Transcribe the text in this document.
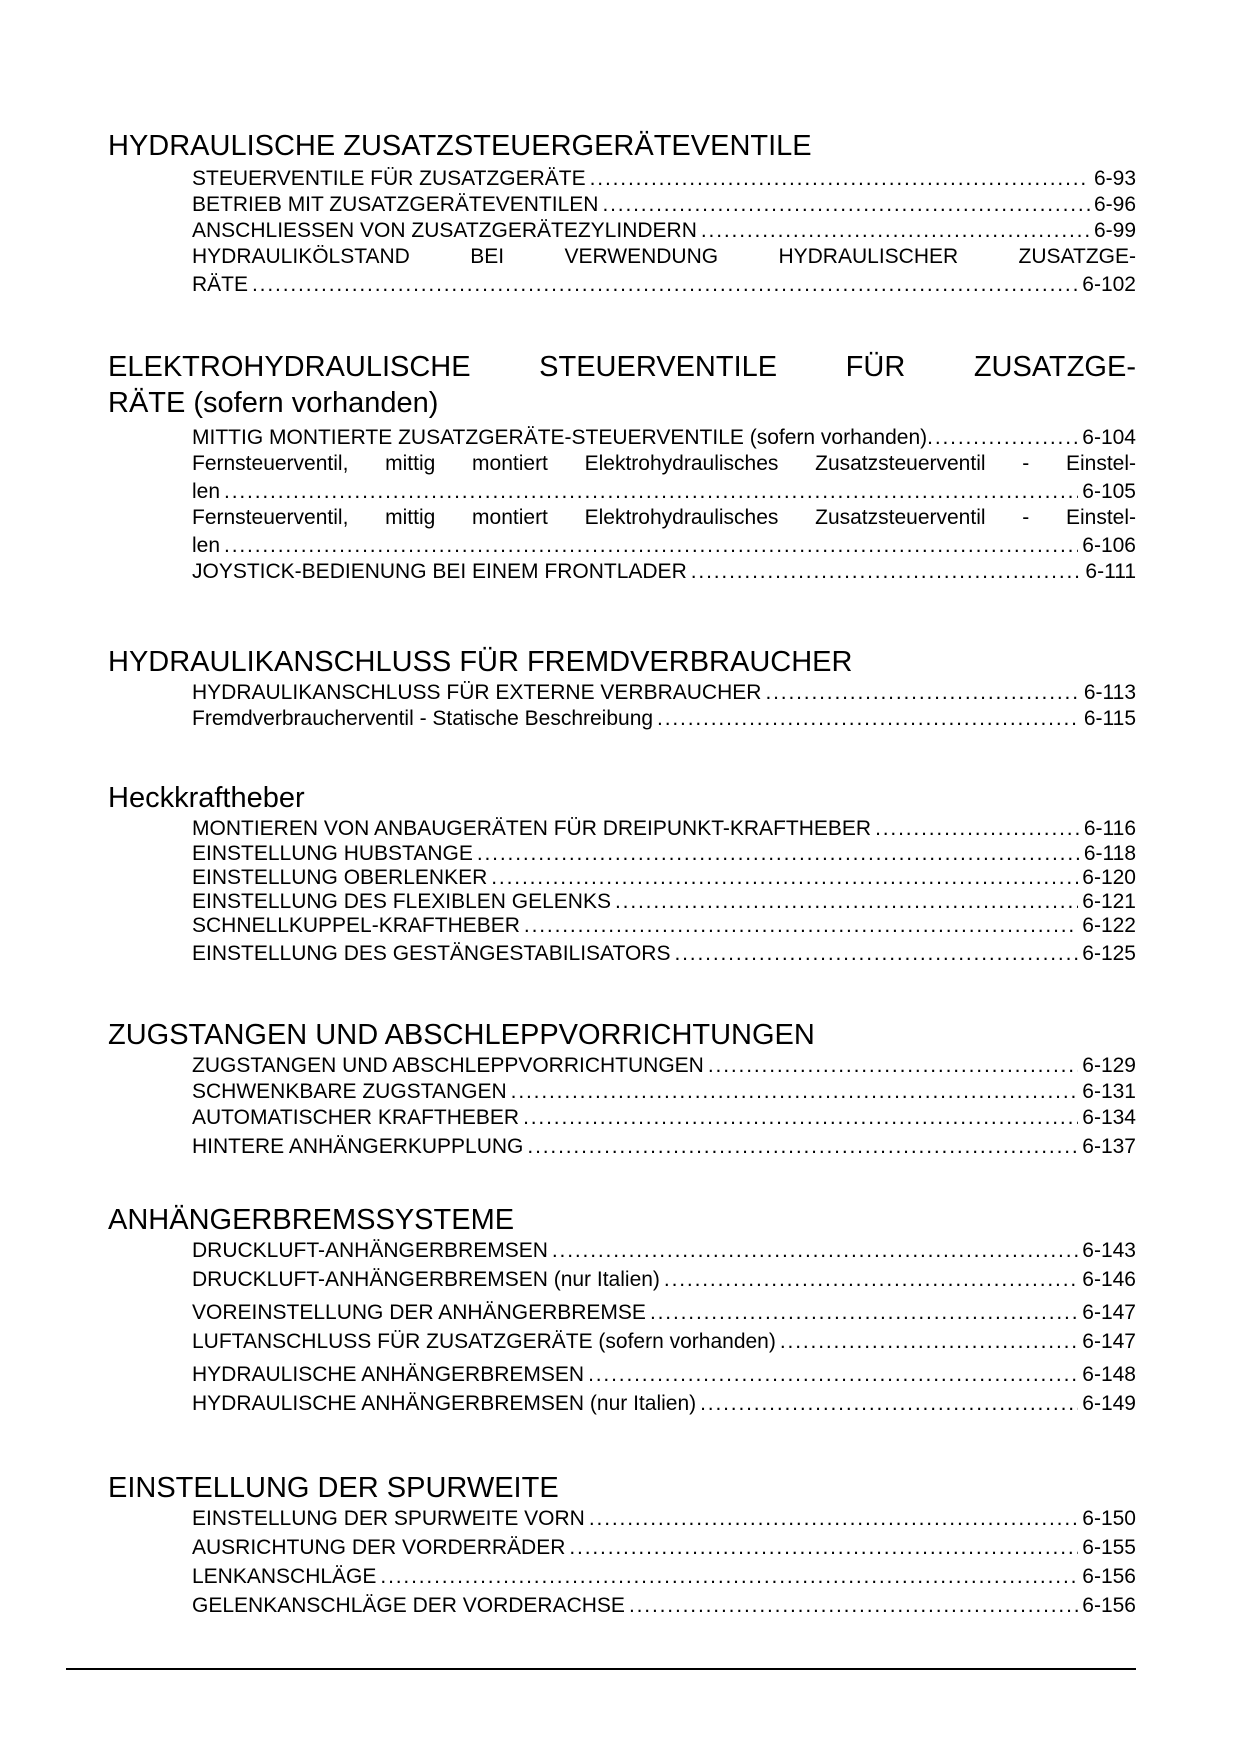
HYDRAULISCHE ZUSATZSTEUERGERÄTEVENTILE
STEUERVENTILE FÜR ZUSATZGERÄTE . . .	6-93
BETRIEB MIT ZUSATZGERÄTEVENTILEN . . .	6-96
ANSCHLIESSEN VON ZUSATZGERÄTEZYLINDERN . . .	6-99
HYDRAULIKÖLSTAND BEI VERWENDUNG HYDRAULISCHER ZUSATZGE-
RÄTE . . .	6-102
ELEKTROHYDRAULISCHE STEUERVENTILE FÜR ZUSATZGE-
RÄTE (sofern vorhanden)
MITTIG MONTIERTE ZUSATZGERÄTE-STEUERVENTILE (sofern vorhanden) . . .	6-104
Fernsteuerventil, mittig montiert Elektrohydraulisches Zusatzsteuerventil - Einstel-
len . . .	6-105
Fernsteuerventil, mittig montiert Elektrohydraulisches Zusatzsteuerventil - Einstel-
len . . .	6-106
JOYSTICK-BEDIENUNG BEI EINEM FRONTLADER . . .	6-111
HYDRAULIKANSCHLUSS FÜR FREMDVERBRAUCHER
HYDRAULIKANSCHLUSS FÜR EXTERNE VERBRAUCHER . . .	6-113
Fremdverbraucherventil - Statische Beschreibung . . .	6-115
Heckkraftheber
MONTIEREN VON ANBAUGERÄTEN FÜR DREIPUNKT-KRAFTHEBER . . .	6-116
EINSTELLUNG HUBSTANGE . . .	6-118
EINSTELLUNG OBERLENKER . . .	6-120
EINSTELLUNG DES FLEXIBLEN GELENKS . . .	6-121
SCHNELLKUPPEL-KRAFTHEBER . . .	6-122
EINSTELLUNG DES GESTÄNGESTABILISATORS . . .	6-125
ZUGSTANGEN UND ABSCHLEPPVORRICHTUNGEN
ZUGSTANGEN UND ABSCHLEPPVORRICHTUNGEN . . .	6-129
SCHWENKBARE ZUGSTANGEN . . .	6-131
AUTOMATISCHER KRAFTHEBER . . .	6-134
HINTERE ANHÄNGERKUPPLUNG . . .	6-137
ANHÄNGERBREMSSYSTEME
DRUCKLUFT-ANHÄNGERBREMSEN . . .	6-143
DRUCKLUFT-ANHÄNGERBREMSEN (nur Italien) . . .	6-146
VOREINSTELLUNG DER ANHÄNGERBREMSE . . .	6-147
LUFTANSCHLUSS FÜR ZUSATZGERÄTE (sofern vorhanden) . . .	6-147
HYDRAULISCHE ANHÄNGERBREMSEN . . .	6-148
HYDRAULISCHE ANHÄNGERBREMSEN (nur Italien) . . .	6-149
EINSTELLUNG DER SPURWEITE
EINSTELLUNG DER SPURWEITE VORN . . .	6-150
AUSRICHTUNG DER VORDERRÄDER . . .	6-155
LENKANSCHLÄGE . . .	6-156
GELENKANSCHLÄGE DER VORDERACHSE . . .	6-156
